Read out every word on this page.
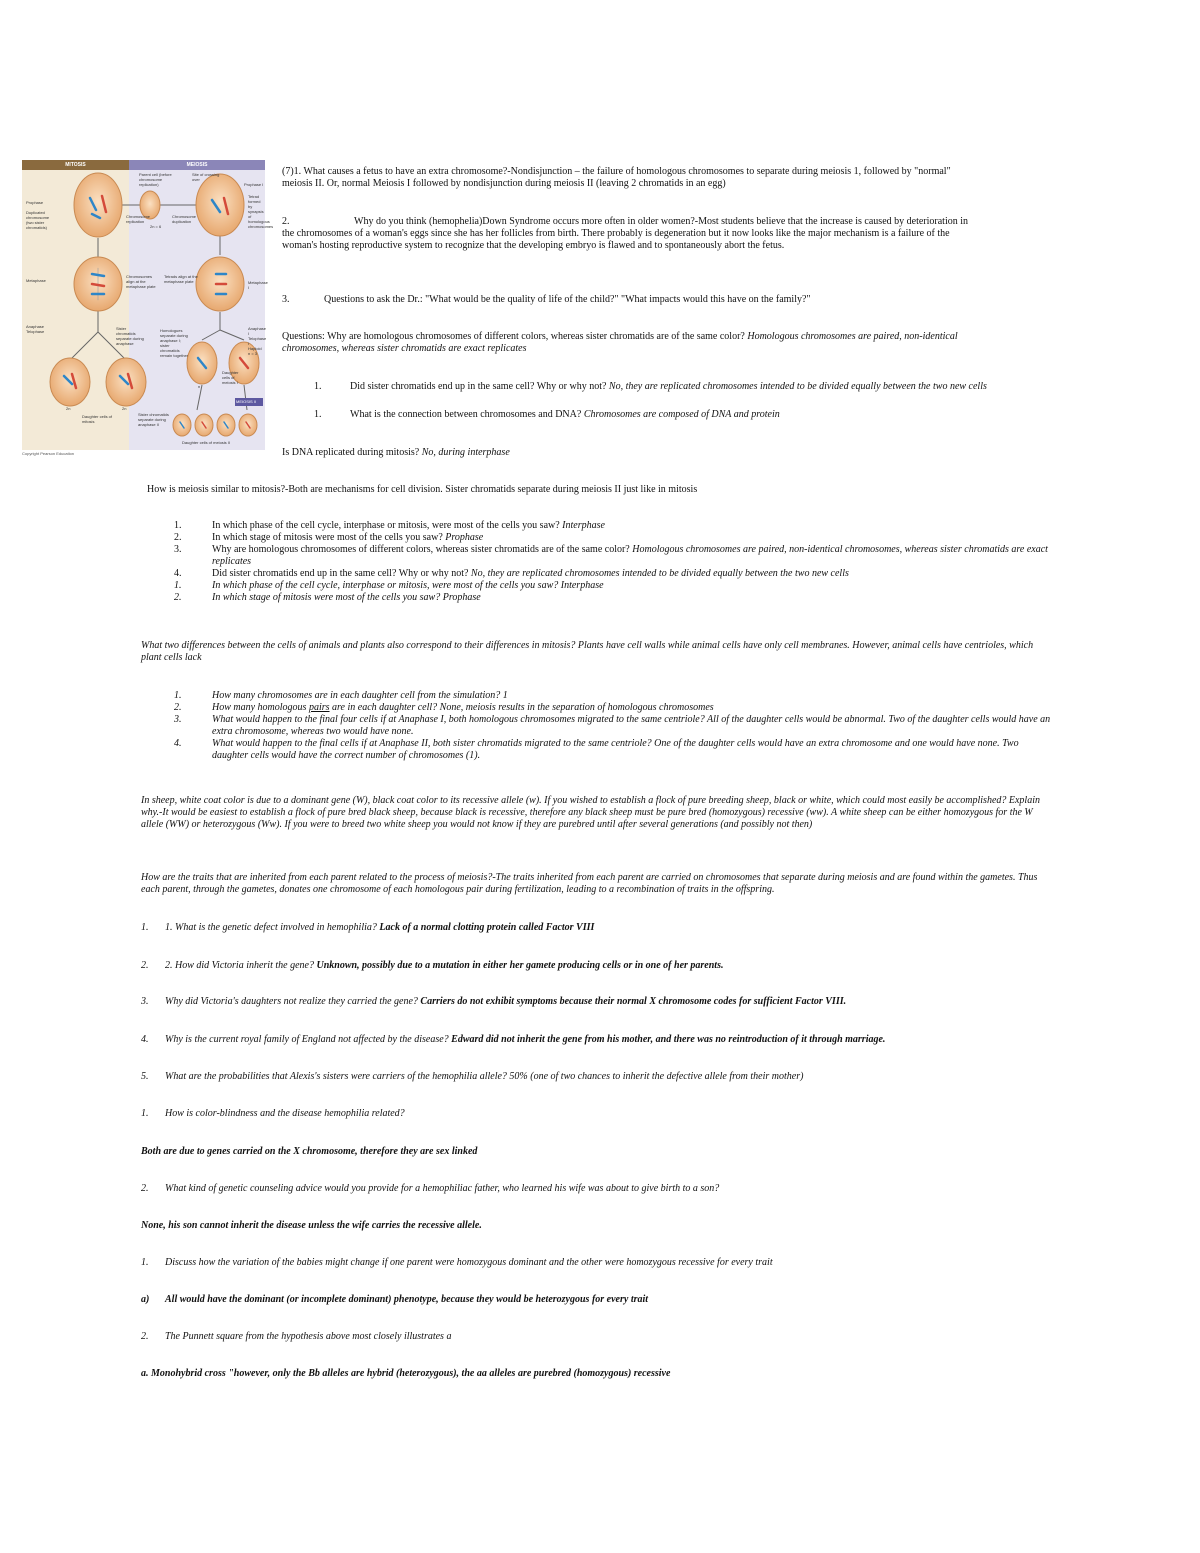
MITOSIS	MEIOSIS
Parent cell (before chromosome replication)
Site of crossing over
Prophase
Prophase I
Duplicated chromosome (two sister chromatids)
Chromosome replication
2n = 6
Tetrad formed by synapsis of homologous chromosomes
Chromosome duplication
Metaphase
Chromosomes align at the metaphase plate
Tetrads align at the metaphase plate	Metaphase I
Anaphase Telophase
Sister chromatids separate during anaphase
Homologues separate during anaphase I; sister chromatids remain together
Anaphase I Telophase I
Haploid n = 3
Daughter cells of meiosis I
MEIOSIS II
Daughter cells of mitosis
Sister chromatids separate during anaphase II
Daughter cells of meiosis II
2n	2n
n
Copyright Pearson Education
(7)1. What causes a fetus to have an extra chromosome?-Nondisjunction – the failure of homologous chromosomes to separate during meiosis 1, followed by "normal" meiosis II. Or, normal Meiosis I followed by nondisjunction during meiosis II (leaving 2 chromatids in an egg)
2.	Why do you think (hemophelia)Down Syndrome occurs more often in older women?-Most students believe that the increase is caused by deterioration in the chromosomes of a woman's eggs since she has her follicles from birth. There probably is degeneration but it now looks like the major mechanism is a failure of the woman's hosting reproductive system to recognize that the developing embryo is flawed and to spontaneously abort the fetus.
3.	Questions to ask the Dr.: "What would be the quality of life of the child?" "What impacts would this have on the family?"
Questions: Why are homologous chromosomes of different colors, whereas sister chromatids are of the same color? Homologous chromosomes are paired, non-identical chromosomes, whereas sister chromatids are exact replicates
1.	Did sister chromatids end up in the same cell? Why or why not? No, they are replicated chromosomes intended to be divided equally between the two new cells
1.	What is the connection between chromosomes and DNA? Chromosomes are composed of DNA and protein
Is DNA replicated during mitosis? No, during interphase
How is meiosis similar to mitosis?-Both are mechanisms for cell division. Sister chromatids separate during meiosis II just like in mitosis
1.	In which phase of the cell cycle, interphase or mitosis, were most of the cells you saw? Interphase
2.	In which stage of mitosis were most of the cells you saw? Prophase
3.	Why are homologous chromosomes of different colors, whereas sister chromatids are of the same color? Homologous chromosomes are paired, non-identical chromosomes, whereas sister chromatids are exact replicates
4.	Did sister chromatids end up in the same cell? Why or why not? No, they are replicated chromosomes intended to be divided equally between the two new cells
1.	In which phase of the cell cycle, interphase or mitosis, were most of the cells you saw? Interphase
2.	In which stage of mitosis were most of the cells you saw? Prophase
What two differences between the cells of animals and plants also correspond to their differences in mitosis? Plants have cell walls while animal cells have only cell membranes. However, animal cells have centrioles, which plant cells lack
1.	How many chromosomes are in each daughter cell from the simulation? 1
2.	How many homologous pairs are in each daughter cell? None, meiosis results in the separation of homologous chromosomes
3.	What would happen to the final four cells if at Anaphase I, both homologous chromosomes migrated to the same centriole? All of the daughter cells would be abnormal. Two of the daughter cells would have an extra chromosome, whereas two would have none.
4.	What would happen to the final cells if at Anaphase II, both sister chromatids migrated to the same centriole? One of the daughter cells would have an extra chromosome and one would have none. Two daughter cells would have the correct number of chromosomes (1).
In sheep, white coat color is due to a dominant gene (W), black coat color to its recessive allele (w). If you wished to establish a flock of pure breeding sheep, black or white, which could most easily be accomplished? Explain why.-It would be easiest to establish a flock of pure bred black sheep, because black is recessive, therefore any black sheep must be pure bred (homozygous) recessive (ww). A white sheep can be either homozygous for the W allele (WW) or heterozygous (Ww). If you were to breed two white sheep you would not know if they are purebred until after several generations (and possibly not then)
How are the traits that are inherited from each parent related to the process of meiosis?-The traits inherited from each parent are carried on chromosomes that separate during meiosis and are found within the gametes. Thus each parent, through the gametes, donates one chromosome of each homologous pair during fertilization, leading to a recombination of traits in the offspring.
1. 1. What is the genetic defect involved in hemophilia? Lack of a normal clotting protein called Factor VIII
2. 2. How did Victoria inherit the gene? Unknown, possibly due to a mutation in either her gamete producing cells or in one of her parents.
3. Why did Victoria's daughters not realize they carried the gene? Carriers do not exhibit symptoms because their normal X chromosome codes for sufficient Factor VIII.
4. Why is the current royal family of England not affected by the disease? Edward did not inherit the gene from his mother, and there was no reintroduction of it through marriage.
5. What are the probabilities that Alexis's sisters were carriers of the hemophilia allele? 50% (one of two chances to inherit the defective allele from their mother)
1. How is color-blindness and the disease hemophilia related?
Both are due to genes carried on the X chromosome, therefore they are sex linked
2. What kind of genetic counseling advice would you provide for a hemophiliac father, who learned his wife was about to give birth to a son?
None, his son cannot inherit the disease unless the wife carries the recessive allele.
1. Discuss how the variation of the babies might change if one parent were homozygous dominant and the other were homozygous recessive for every trait
a) All would have the dominant (or incomplete dominant) phenotype, because they would be heterozygous for every trait
2. The Punnett square from the hypothesis above most closely illustrates a
a. Monohybrid cross "however, only the Bb alleles are hybrid (heterozygous), the aa alleles are purebred (homozygous) recessive
